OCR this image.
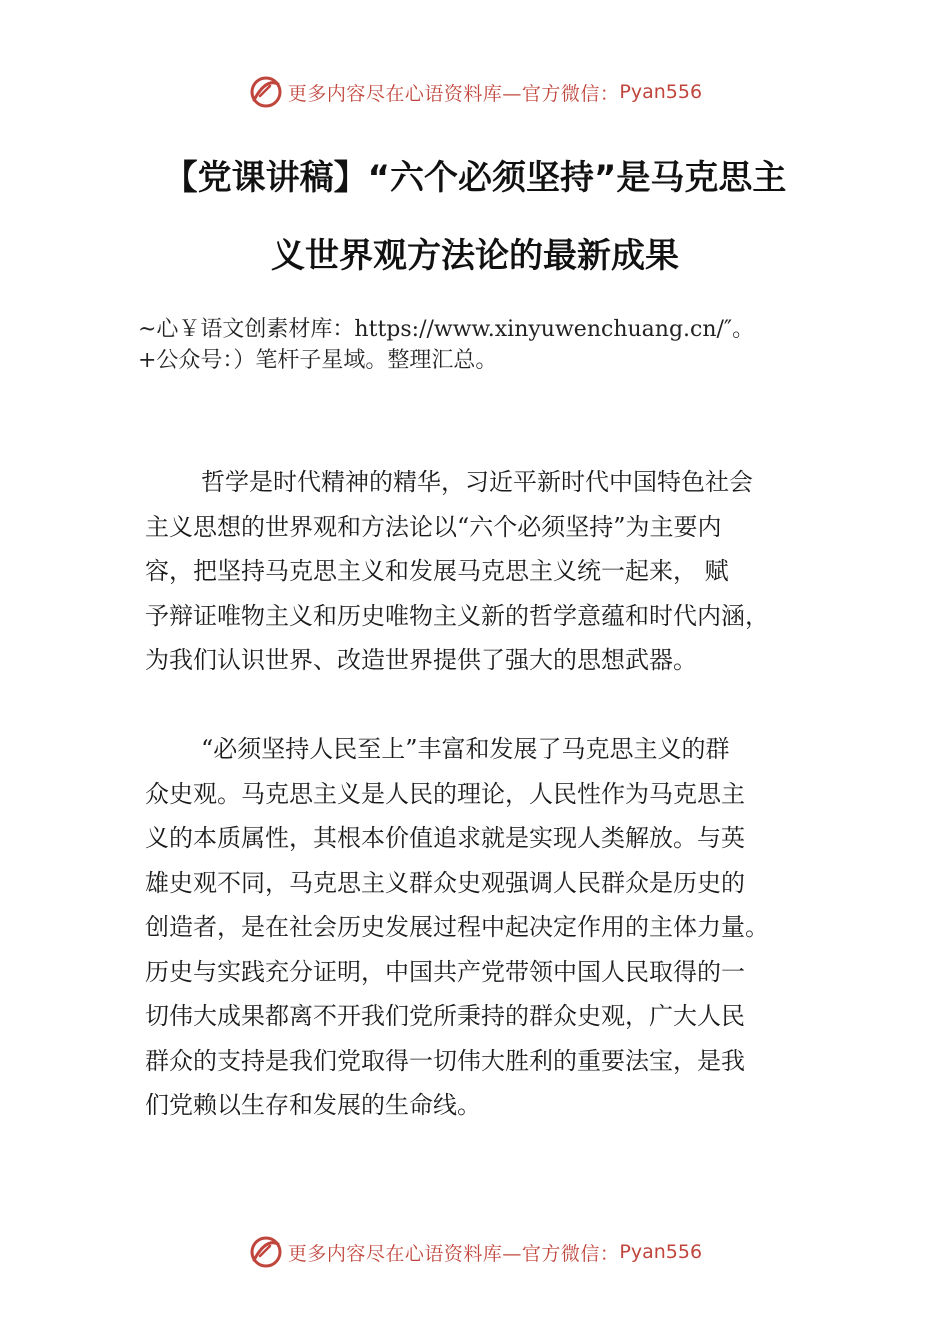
更多内容尽在心语资料库—官方微信： Pyan556
【党课讲稿】“六个必须坚持”是马克思主
义世界观方法论的最新成果
~心￥语文创素材库：https://www.xinyuwenchuang.cn/″。
+公众号：）笔杆子星域。整理汇总。
哲学是时代精神的精华，习近平新时代中国特色社会
主义思想的世界观和方法论以“六个必须坚持”为主要内
容，把坚持马克思主义和发展马克思主义统一起来， 赋
予辩证唯物主义和历史唯物主义新的哲学意蕴和时代内涵，
为我们认识世界、改造世界提供了强大的思想武器。
“必须坚持人民至上”丰富和发展了马克思主义的群
众史观。马克思主义是人民的理论，人民性作为马克思主
义的本质属性，其根本价值追求就是实现人类解放。与英
雄史观不同，马克思主义群众史观强调人民群众是历史的
创造者，是在社会历史发展过程中起决定作用的主体力量。
历史与实践充分证明，中国共产党带领中国人民取得的一
切伟大成果都离不开我们党所秉持的群众史观，广大人民
群众的支持是我们党取得一切伟大胜利的重要法宝，是我
们党赖以生存和发展的生命线。
更多内容尽在心语资料库—官方微信： Pyan556
